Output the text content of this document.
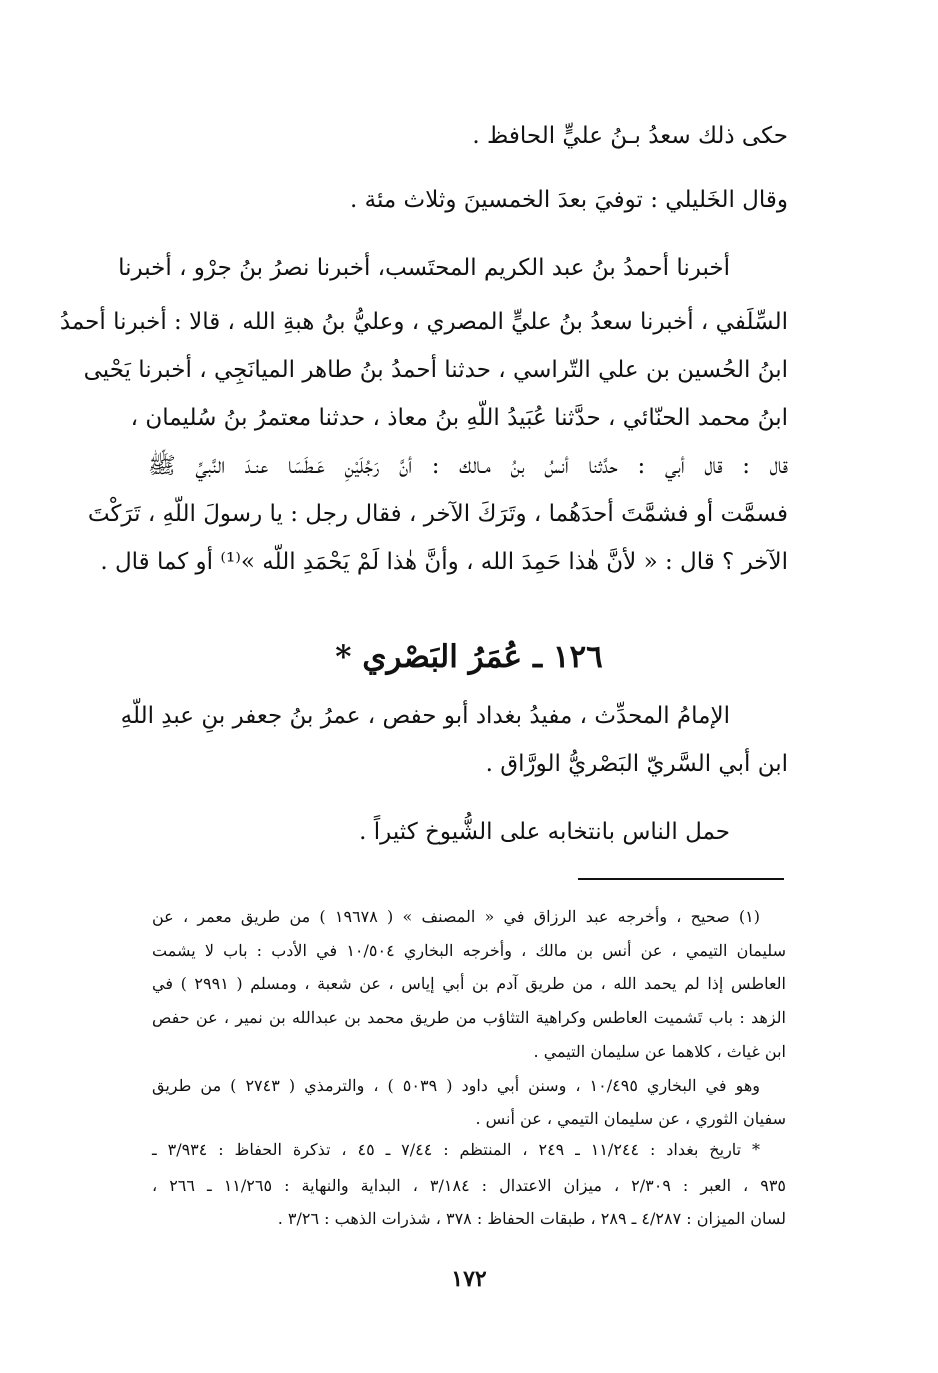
حكى ذلك سعدُ بـنُ عليٍّ الحافظ .
وقال الخَليلي : توفيَ بعدَ الخمسينَ وثلاث مئة .
أخبرنا أحمدُ بنُ عبد الكريم المحتَسب، أخبرنا نصرُ بنُ جرْو ، أخبرنا
السِّلَفي ، أخبرنا سعدُ بنُ عليٍّ المصري ، وعليُّ بنُ هبةِ الله ، قالا : أخبرنا أحمدُ
ابنُ الحُسين بن علي التّراسي ، حدثنا أحمدُ بنُ طاهر الميانَجِي ، أخبرنا يَحْيى
ابنُ محمد الحنّائي ، حدَّثنا عُبَيدُ اللّهِ بنُ معاذ ، حدثنا معتمرُ بنُ سُليمان ،
قال : قال أبي : حدَّثنا أنسُ بنُ مـالك : أنَّ رَجُلَيْنِ عَـطَسَا عنـدَ النَّبيِّ ﷺ
فسمَّت أو فشمَّتَ أحدَهُما ، وتَرَكَ الآخر ، فقال رجل : يا رسولَ اللّهِ ، تَرَكْتَ
الآخر ؟ قال : « لأنَّ هٰذا حَمِدَ الله ، وأنَّ هٰذا لَمْ يَحْمَدِ اللّه »⁽¹⁾ أو كما قال .
١٢٦ ـ عُمَرُ البَصْري *
الإمامُ المحدِّث ، مفيدُ بغداد أبو حفص ، عمرُ بنُ جعفر بنِ عبدِ اللّهِ
ابن أبي السَّريّ البَصْريُّ الورَّاق .
حمل الناس بانتخابه على الشُّيوخ كثيراً .
(١) صحيح ، وأخرجه عبد الرزاق في « المصنف » ( ١٩٦٧٨ ) من طريق معمر ، عن
سليمان التيمي ، عن أنس بن مالك ، وأخرجه البخاري ١٠/٥٠٤ في الأدب : باب لا يشمت
العاطس إذا لم يحمد الله ، من طريق آدم بن أبي إياس ، عن شعبة ، ومسلم ( ٢٩٩١ ) في
الزهد : باب تَشميت العاطس وكراهية التثاؤب من طريق محمد بن عبدالله بن نمير ، عن حفص
ابن غياث ، كلاهما عن سليمان التيمي .
وهو في البخاري ١٠/٤٩٥ ، وسنن أبي داود ( ٥٠٣٩ ) ، والترمذي ( ٢٧٤٣ ) من طريق
سفيان الثوري ، عن سليمان التيمي ، عن أنس .
* تاريخ بغداد : ١١/٢٤٤ ـ ٢٤٩ ، المنتظم : ٧/٤٤ ـ ٤٥ ، تذكرة الحفاظ : ٣/٩٣٤ ـ
٩٣٥ ، العبر : ٢/٣٠٩ ، ميزان الاعتدال : ٣/١٨٤ ، البداية والنهاية : ١١/٢٦٥ ـ ٢٦٦ ،
لسان الميزان : ٤/٢٨٧ ـ ٢٨٩ ، طبقات الحفاظ : ٣٧٨ ، شذرات الذهب : ٣/٢٦ .
١٧٢
